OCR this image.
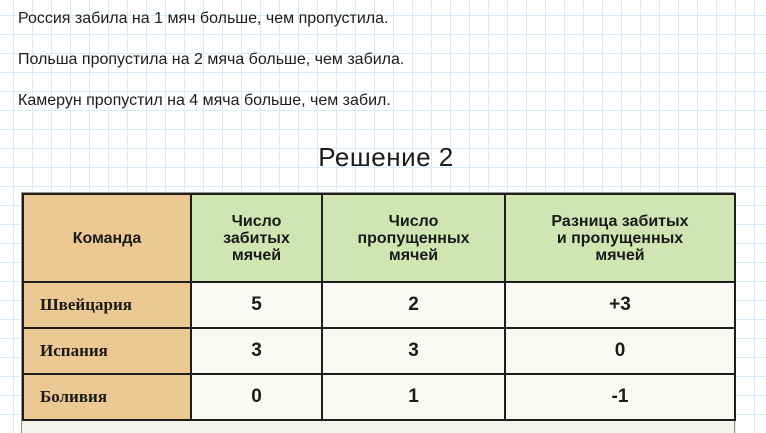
Россия забила на 1 мяч больше, чем пропустила.
Польша пропустила на 2 мяча больше, чем забила.
Камерун пропустил на 4 мяча больше, чем забил.
Решение 2
Команда	Число
забитых
мячей	Число
пропущенных
мячей	Разница забитых
и пропущенных
мячей
Швейцария	5	2	+3
Испания	3	3	0
Боливия	0	1	-1
